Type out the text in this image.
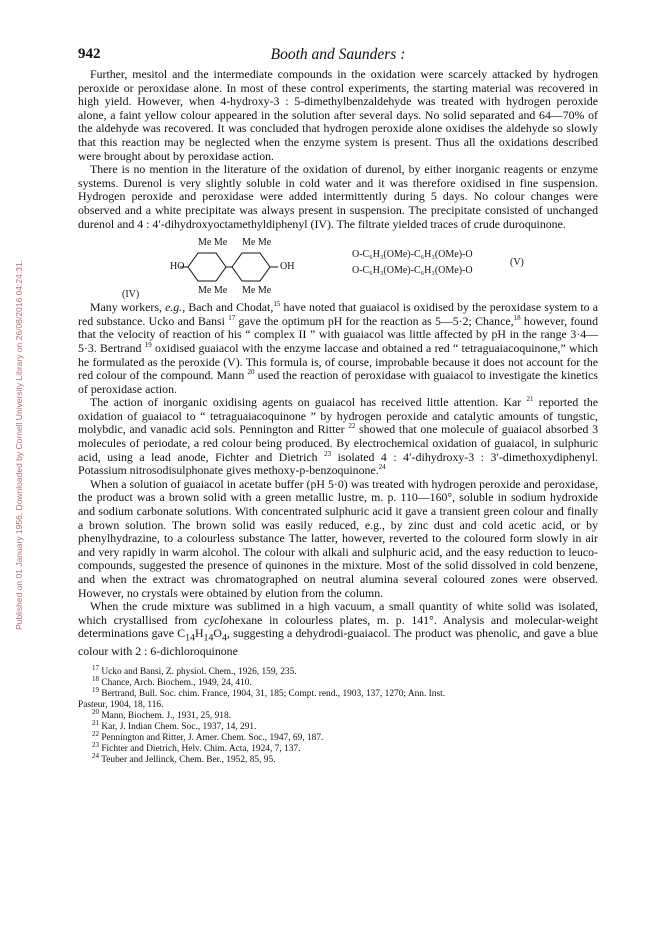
Published on 01 January 1956. Downloaded by Cornell University Library on 26/08/2016 04:24:31.
942	Booth and Saunders :

Further, mesitol and the intermediate compounds in the oxidation were scarcely attacked by hydrogen peroxide or peroxidase alone. In most of these control experiments, the starting material was recovered in high yield. However, when 4-hydroxy-3 : 5-dimethylbenzaldehyde was treated with hydrogen peroxide alone, a faint yellow colour appeared in the solution after several days. No solid separated and 64—70% of the aldehyde was recovered. It was concluded that hydrogen peroxide alone oxidises the aldehyde so slowly that this reaction may be neglected when the enzyme system is present. Thus all the oxidations described were brought about by peroxidase action.

There is no mention in the literature of the oxidation of durenol, by either inorganic reagents or enzyme systems. Durenol is very slightly soluble in cold water and it was therefore oxidised in fine suspension. Hydrogen peroxide and peroxidase were added intermittently during 5 days. No colour changes were observed and a white precipitate was always present in suspension. The precipitate consisted of unchanged durenol and 4 : 4′-dihydroxyoctamethyldiphenyl (IV). The filtrate yielded traces of crude duroquinone.

Me Me Me Me
HO	OH
Me Me Me Me
(IV)
O-C₆H₃(OMe)-C₆H₃(OMe)-O
O-C₆H₃(OMe)-C₆H₃(OMe)-O
(V)

Many workers, e.g., Bach and Chodat,$^{15}$ have noted that guaiacol is oxidised by the peroxidase system to a red substance. Ucko and Bansi $^{17}$ gave the optimum pH for the reaction as 5—5·2; Chance,$^{18}$ however, found that the velocity of reaction of his “ complex II ” with guaiacol was little affected by pH in the range 3·4—5·3. Bertrand $^{19}$ oxidised guaiacol with the enzyme laccase and obtained a red “ tetraguaiacoquinone,” which he formulated as the peroxide (V). This formula is, of course, improbable because it does not account for the red colour of the compound. Mann $^{20}$ used the reaction of peroxidase with guaiacol to investigate the kinetics of peroxidase action.

The action of inorganic oxidising agents on guaiacol has received little attention. Kar $^{21}$ reported the oxidation of guaiacol to “ tetraguaiacoquinone ” by hydrogen peroxide and catalytic amounts of tungstic, molybdic, and vanadic acid sols. Pennington and Ritter $^{22}$ showed that one molecule of guaiacol absorbed 3 molecules of periodate, a red colour being produced. By electrochemical oxidation of guaiacol, in sulphuric acid, using a lead anode, Fichter and Dietrich $^{23}$ isolated 4 : 4′-dihydroxy-3 : 3′-dimethoxydiphenyl. Potassium nitrosodisulphonate gives methoxy-p-benzoquinone.$^{24}$

When a solution of guaiacol in acetate buffer (pH 5·0) was treated with hydrogen peroxide and peroxidase, the product was a brown solid with a green metallic lustre, m. p. 110—160°, soluble in sodium hydroxide and sodium carbonate solutions. With concentrated sulphuric acid it gave a transient green colour and finally a brown solution. The brown solid was easily reduced, e.g., by zinc dust and cold acetic acid, or by phenylhydrazine, to a colourless substance The latter, however, reverted to the coloured form slowly in air and very rapidly in warm alcohol. The colour with alkali and sulphuric acid, and the easy reduction to leuco-compounds, suggested the presence of quinones in the mixture. Most of the solid dissolved in cold benzene, and when the extract was chromatographed on neutral alumina several coloured zones were observed. However, no crystals were obtained by elution from the column.

When the crude mixture was sublimed in a high vacuum, a small quantity of white solid was isolated, which crystallised from cyclohexane in colourless plates, m. p. 141°. Analysis and molecular-weight determinations gave $C_{14}H_{14}O_4$, suggesting a dehydrodi-guaiacol. The product was phenolic, and gave a blue colour with 2 : 6-dichloroquinone

$^{17}$ Ucko and Bansi, Z. physiol. Chem., 1926, 159, 235.
$^{18}$ Chance, Arch. Biochem., 1949, 24, 410.
$^{19}$ Bertrand, Bull. Soc. chim. France, 1904, 31, 185; Compt. rend., 1903, 137, 1270; Ann. Inst.
Pasteur, 1904, 18, 116.
$^{20}$ Mann, Biochem. J., 1931, 25, 918.
$^{21}$ Kar, J. Indian Chem. Soc., 1937, 14, 291.
$^{22}$ Pennington and Ritter, J. Amer. Chem. Soc., 1947, 69, 187.
$^{23}$ Fichter and Dietrich, Helv. Chim. Acta, 1924, 7, 137.
$^{24}$ Teuber and Jellinck, Chem. Ber., 1952, 85, 95.
